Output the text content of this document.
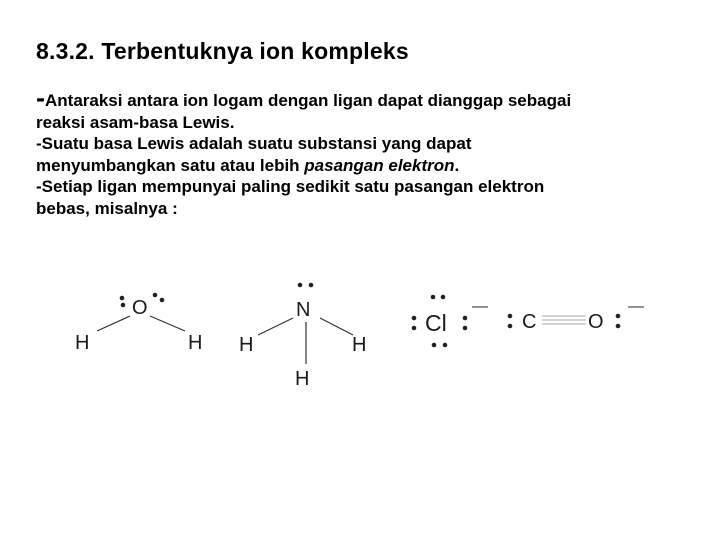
8.3.2. Terbentuknya ion kompleks

-Antaraksi antara ion logam dengan ligan dapat dianggap sebagai

reaksi asam-basa Lewis.

-Suatu basa Lewis adalah suatu substansi yang dapat

menyumbangkan satu atau lebih pasangan elektron.

-Setiap ligan mempunyai paling sedikit satu pasangan elektron

bebas, misalnya :

O
H	H
N
H	H
H
Cl
—
C	O
—
